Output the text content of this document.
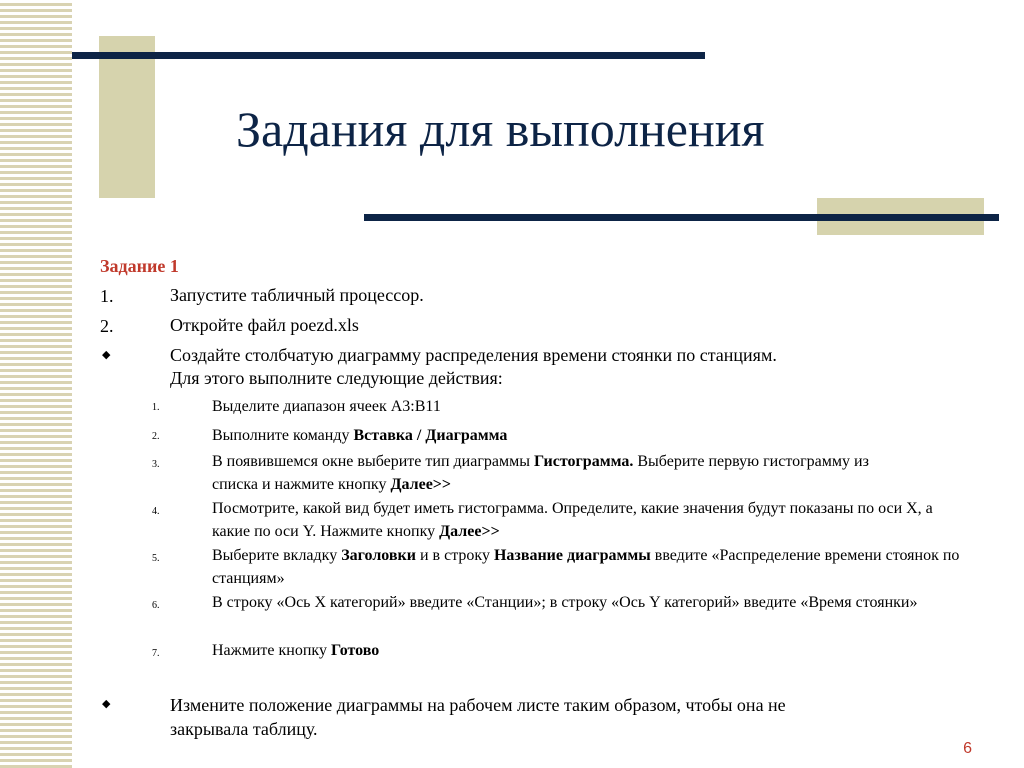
Задания для выполнения
Задание 1
1.	Запустите табличный процессор.
2.	Откройте файл poezd.xls
◆	Создайте столбчатую диаграмму распределения времени стоянки по станциям.
Для этого выполните следующие действия:
1.	Выделите диапазон ячеек А3:В11
2.	Выполните команду Вставка / Диаграмма
3.	В появившемся окне выберите тип диаграммы Гистограмма. Выберите первую гистограмму из списка и нажмите кнопку Далее>>
4.	Посмотрите, какой вид будет иметь гистограмма. Определите, какие значения будут показаны по оси X, а какие по оси Y. Нажмите кнопку Далее>>
5.	Выберите вкладку Заголовки и в строку Название диаграммы введите «Распределение времени стоянок по станциям»
6.	В строку «Ось X категорий» введите «Станции»; в строку «Ось Y категорий» введите «Время стоянки»
7.	Нажмите кнопку Готово
◆	Измените положение диаграммы на рабочем листе таким образом, чтобы она не
закрывала таблицу.
6
